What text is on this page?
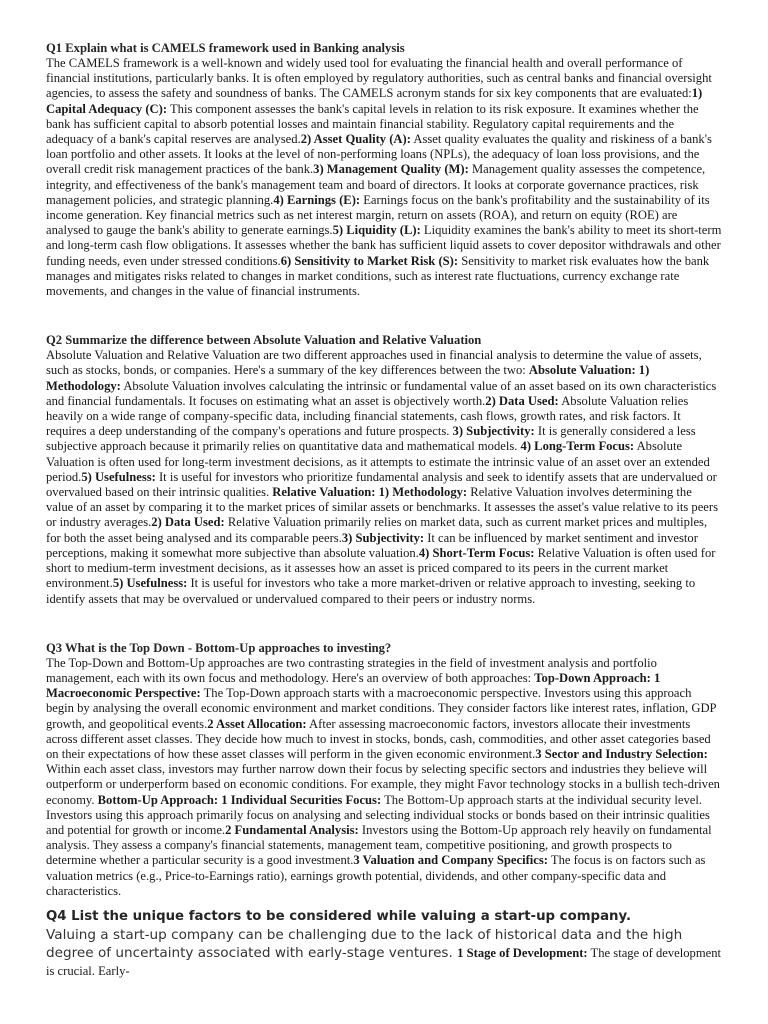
Q1 Explain what is CAMELS framework used in Banking analysis

The CAMELS framework is a well-known and widely used tool for evaluating the financial health and overall performance of financial institutions, particularly banks. It is often employed by regulatory authorities, such as central banks and financial oversight agencies, to assess the safety and soundness of banks. The CAMELS acronym stands for six key components that are evaluated:1) Capital Adequacy (C): This component assesses the bank's capital levels in relation to its risk exposure. It examines whether the bank has sufficient capital to absorb potential losses and maintain financial stability. Regulatory capital requirements and the adequacy of a bank's capital reserves are analysed.2) Asset Quality (A): Asset quality evaluates the quality and riskiness of a bank's loan portfolio and other assets. It looks at the level of non-performing loans (NPLs), the adequacy of loan loss provisions, and the overall credit risk management practices of the bank.3) Management Quality (M): Management quality assesses the competence, integrity, and effectiveness of the bank's management team and board of directors. It looks at corporate governance practices, risk management policies, and strategic planning.4) Earnings (E): Earnings focus on the bank's profitability and the sustainability of its income generation. Key financial metrics such as net interest margin, return on assets (ROA), and return on equity (ROE) are analysed to gauge the bank's ability to generate earnings.5) Liquidity (L): Liquidity examines the bank's ability to meet its short-term and long-term cash flow obligations. It assesses whether the bank has sufficient liquid assets to cover depositor withdrawals and other funding needs, even under stressed conditions.6) Sensitivity to Market Risk (S): Sensitivity to market risk evaluates how the bank manages and mitigates risks related to changes in market conditions, such as interest rate fluctuations, currency exchange rate movements, and changes in the value of financial instruments.

Q2 Summarize the difference between Absolute Valuation and Relative Valuation

Absolute Valuation and Relative Valuation are two different approaches used in financial analysis to determine the value of assets, such as stocks, bonds, or companies. Here's a summary of the key differences between the two: Absolute Valuation: 1) Methodology: Absolute Valuation involves calculating the intrinsic or fundamental value of an asset based on its own characteristics and financial fundamentals. It focuses on estimating what an asset is objectively worth.2) Data Used: Absolute Valuation relies heavily on a wide range of company-specific data, including financial statements, cash flows, growth rates, and risk factors. It requires a deep understanding of the company's operations and future prospects. 3) Subjectivity: It is generally considered a less subjective approach because it primarily relies on quantitative data and mathematical models. 4) Long-Term Focus: Absolute Valuation is often used for long-term investment decisions, as it attempts to estimate the intrinsic value of an asset over an extended period.5) Usefulness: It is useful for investors who prioritize fundamental analysis and seek to identify assets that are undervalued or overvalued based on their intrinsic qualities. Relative Valuation: 1) Methodology: Relative Valuation involves determining the value of an asset by comparing it to the market prices of similar assets or benchmarks. It assesses the asset's value relative to its peers or industry averages.2) Data Used: Relative Valuation primarily relies on market data, such as current market prices and multiples, for both the asset being analysed and its comparable peers.3) Subjectivity: It can be influenced by market sentiment and investor perceptions, making it somewhat more subjective than absolute valuation.4) Short-Term Focus: Relative Valuation is often used for short to medium-term investment decisions, as it assesses how an asset is priced compared to its peers in the current market environment.5) Usefulness: It is useful for investors who take a more market-driven or relative approach to investing, seeking to identify assets that may be overvalued or undervalued compared to their peers or industry norms.

Q3 What is the Top Down - Bottom-Up approaches to investing?

The Top-Down and Bottom-Up approaches are two contrasting strategies in the field of investment analysis and portfolio management, each with its own focus and methodology. Here's an overview of both approaches: Top-Down Approach: 1 Macroeconomic Perspective: The Top-Down approach starts with a macroeconomic perspective. Investors using this approach begin by analysing the overall economic environment and market conditions. They consider factors like interest rates, inflation, GDP growth, and geopolitical events.2 Asset Allocation: After assessing macroeconomic factors, investors allocate their investments across different asset classes. They decide how much to invest in stocks, bonds, cash, commodities, and other asset categories based on their expectations of how these asset classes will perform in the given economic environment.3 Sector and Industry Selection: Within each asset class, investors may further narrow down their focus by selecting specific sectors and industries they believe will outperform or underperform based on economic conditions. For example, they might Favor technology stocks in a bullish tech-driven economy. Bottom-Up Approach: 1 Individual Securities Focus: The Bottom-Up approach starts at the individual security level. Investors using this approach primarily focus on analysing and selecting individual stocks or bonds based on their intrinsic qualities and potential for growth or income.2 Fundamental Analysis: Investors using the Bottom-Up approach rely heavily on fundamental analysis. They assess a company's financial statements, management team, competitive positioning, and growth prospects to determine whether a particular security is a good investment.3 Valuation and Company Specifics: The focus is on factors such as valuation metrics (e.g., Price-to-Earnings ratio), earnings growth potential, dividends, and other company-specific data and characteristics.

Q4 List the unique factors to be considered while valuing a start-up company.

Valuing a start-up company can be challenging due to the lack of historical data and the high degree of uncertainty associated with early-stage ventures. 1 Stage of Development: The stage of development is crucial. Early-
